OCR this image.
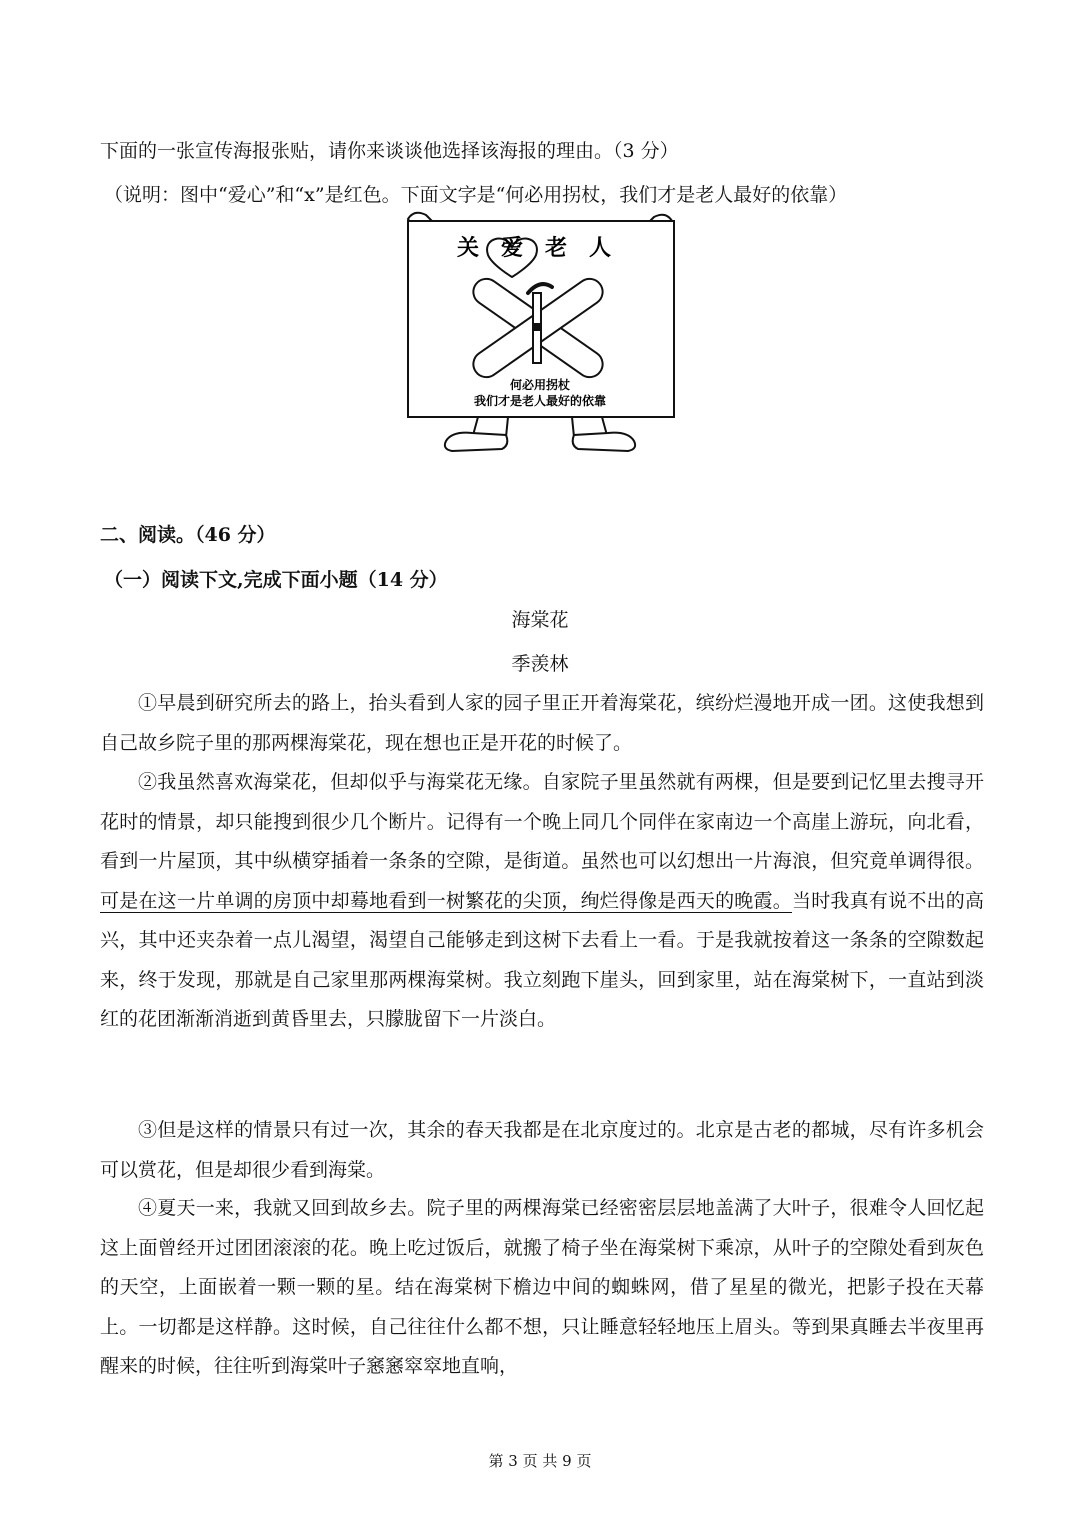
下面的一张宣传海报张贴，请你来谈谈他选择该海报的理由。（3 分）
（说明：图中“爱心”和“x”是红色。下面文字是“何必用拐杖，我们才是老人最好的依靠）
关 爱 老 人
何必用拐杖
我们才是老人最好的依靠
二、阅读。（46 分）
（一）阅读下文,完成下面小题（14 分）
海棠花
季羡林
①早晨到研究所去的路上，抬头看到人家的园子里正开着海棠花，缤纷烂漫地开成一团。这使我想到自己故乡院子里的那两棵海棠花，现在想也正是开花的时候了。
②我虽然喜欢海棠花，但却似乎与海棠花无缘。自家院子里虽然就有两棵，但是要到记忆里去搜寻开花时的情景，却只能搜到很少几个断片。记得有一个晚上同几个同伴在家南边一个高崖上游玩，向北看，看到一片屋顶，其中纵横穿插着一条条的空隙，是街道。虽然也可以幻想出一片海浪，但究竟单调得很。可是在这一片单调的房顶中却蓦地看到一树繁花的尖顶，绚烂得像是西天的晚霞。当时我真有说不出的高兴，其中还夹杂着一点儿渴望，渴望自己能够走到这树下去看上一看。于是我就按着这一条条的空隙数起来，终于发现，那就是自己家里那两棵海棠树。我立刻跑下崖头，回到家里，站在海棠树下，一直站到淡红的花团渐渐消逝到黄昏里去，只朦胧留下一片淡白。
③但是这样的情景只有过一次，其余的春天我都是在北京度过的。北京是古老的都城，尽有许多机会可以赏花，但是却很少看到海棠。
④夏天一来，我就又回到故乡去。院子里的两棵海棠已经密密层层地盖满了大叶子，很难令人回忆起这上面曾经开过团团滚滚的花。晚上吃过饭后，就搬了椅子坐在海棠树下乘凉，从叶子的空隙处看到灰色的天空，上面嵌着一颗一颗的星。结在海棠树下檐边中间的蜘蛛网，借了星星的微光，把影子投在天幕上。一切都是这样静。这时候，自己往往什么都不想，只让睡意轻轻地压上眉头。等到果真睡去半夜里再醒来的时候，往往听到海棠叶子窸窸窣窣地直响，
第 3 页 共 9 页
